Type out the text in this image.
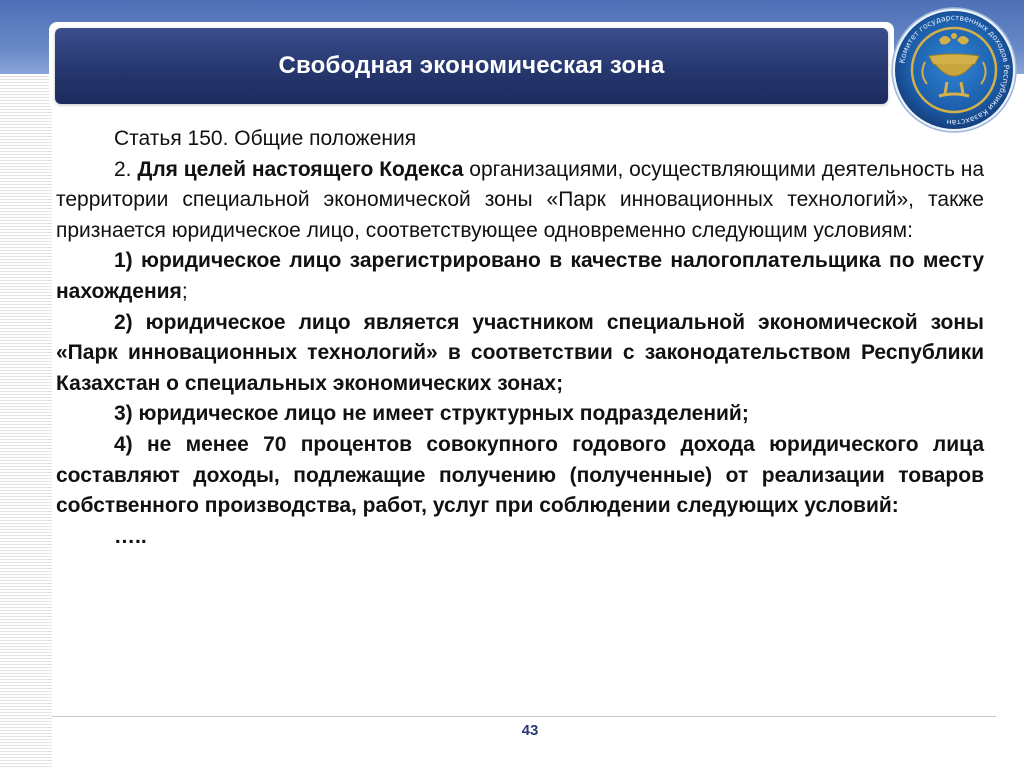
Свободная экономическая зона	Комитет государственных доходов Республики Казахстан

Статья 150. Общие положения

2. Для целей настоящего Кодекса организациями, осуществляющими деятельность на территории специальной экономической зоны «Парк инновационных технологий», также признается юридическое лицо, соответствующее одновременно следующим условиям:

1) юридическое лицо зарегистрировано в качестве налогоплательщика по месту нахождения;

2) юридическое лицо является участником специальной экономической зоны «Парк инновационных технологий» в соответствии с законодательством Республики Казахстан о специальных экономических зонах;

3) юридическое лицо не имеет структурных подразделений;

4) не менее 70 процентов совокупного годового дохода юридического лица составляют доходы, подлежащие получению (полученные) от реализации товаров собственного производства, работ, услуг при соблюдении следующих условий:

…..

43
